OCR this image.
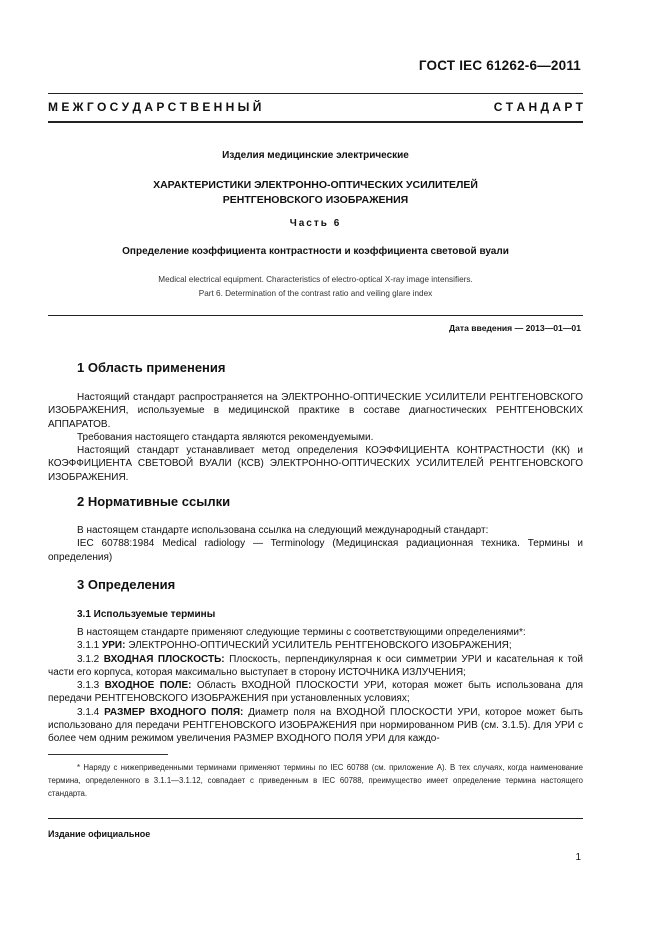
ГОСТ IEC 61262-6—2011
М Е Ж Г О С У Д А Р С Т В Е Н Н Ы Й	С Т А Н Д А Р Т
Изделия медицинские электрические
ХАРАКТЕРИСТИКИ ЭЛЕКТРОННО-ОПТИЧЕСКИХ УСИЛИТЕЛЕЙ
РЕНТГЕНОВСКОГО ИЗОБРАЖЕНИЯ
Часть 6
Определение коэффициента контрастности и коэффициента световой вуали
Medical electrical equipment. Characteristics of electro-optical X-ray image intensifiers.
Part 6. Determination of the contrast ratio and veiling glare index
Дата введения — 2013—01—01
1 Область применения

Настоящий стандарт распространяется на ЭЛЕКТРОННО-ОПТИЧЕСКИЕ УСИЛИТЕЛИ РЕНТГЕНОВСКОГО ИЗОБРАЖЕНИЯ, используемые в медицинской практике в составе диагностических РЕНТГЕНОВСКИХ АППАРАТОВ.

Требования настоящего стандарта являются рекомендуемыми.

Настоящий стандарт устанавливает метод определения КОЭФФИЦИЕНТА КОНТРАСТНОСТИ (КК) и КОЭФФИЦИЕНТА СВЕТОВОЙ ВУАЛИ (КСВ) ЭЛЕКТРОННО-ОПТИЧЕСКИХ УСИЛИТЕЛЕЙ РЕНТГЕНОВСКОГО ИЗОБРАЖЕНИЯ.

2 Нормативные ссылки

В настоящем стандарте использована ссылка на следующий международный стандарт:

IEC 60788:1984 Medical radiology — Terminology (Медицинская радиационная техника. Термины и определения)

3 Определения
3.1 Используемые термины

В настоящем стандарте применяют следующие термины с соответствующими определениями*:

3.1.1 УРИ: ЭЛЕКТРОННО-ОПТИЧЕСКИЙ УСИЛИТЕЛЬ РЕНТГЕНОВСКОГО ИЗОБРАЖЕНИЯ;

3.1.2 ВХОДНАЯ ПЛОСКОСТЬ: Плоскость, перпендикулярная к оси симметрии УРИ и касательная к той части его корпуса, которая максимально выступает в сторону ИСТОЧНИКА ИЗЛУЧЕНИЯ;

3.1.3 ВХОДНОЕ ПОЛЕ: Область ВХОДНОЙ ПЛОСКОСТИ УРИ, которая может быть использована для передачи РЕНТГЕНОВСКОГО ИЗОБРАЖЕНИЯ при установленных условиях;

3.1.4 РАЗМЕР ВХОДНОГО ПОЛЯ: Диаметр поля на ВХОДНОЙ ПЛОСКОСТИ УРИ, которое может быть использовано для передачи РЕНТГЕНОВСКОГО ИЗОБРАЖЕНИЯ при нормированном РИВ (см. 3.1.5). Для УРИ с более чем одним режимом увеличения РАЗМЕР ВХОДНОГО ПОЛЯ УРИ для каждо-

* Наряду с нижеприведенными терминами применяют термины по IEC 60788 (см. приложение А). В тех случаях, когда наименование термина, определенного в 3.1.1—3.1.12, совпадает с приведенным в IEC 60788, преимущество имеет определение термина настоящего стандарта.

Издание официальное
1
